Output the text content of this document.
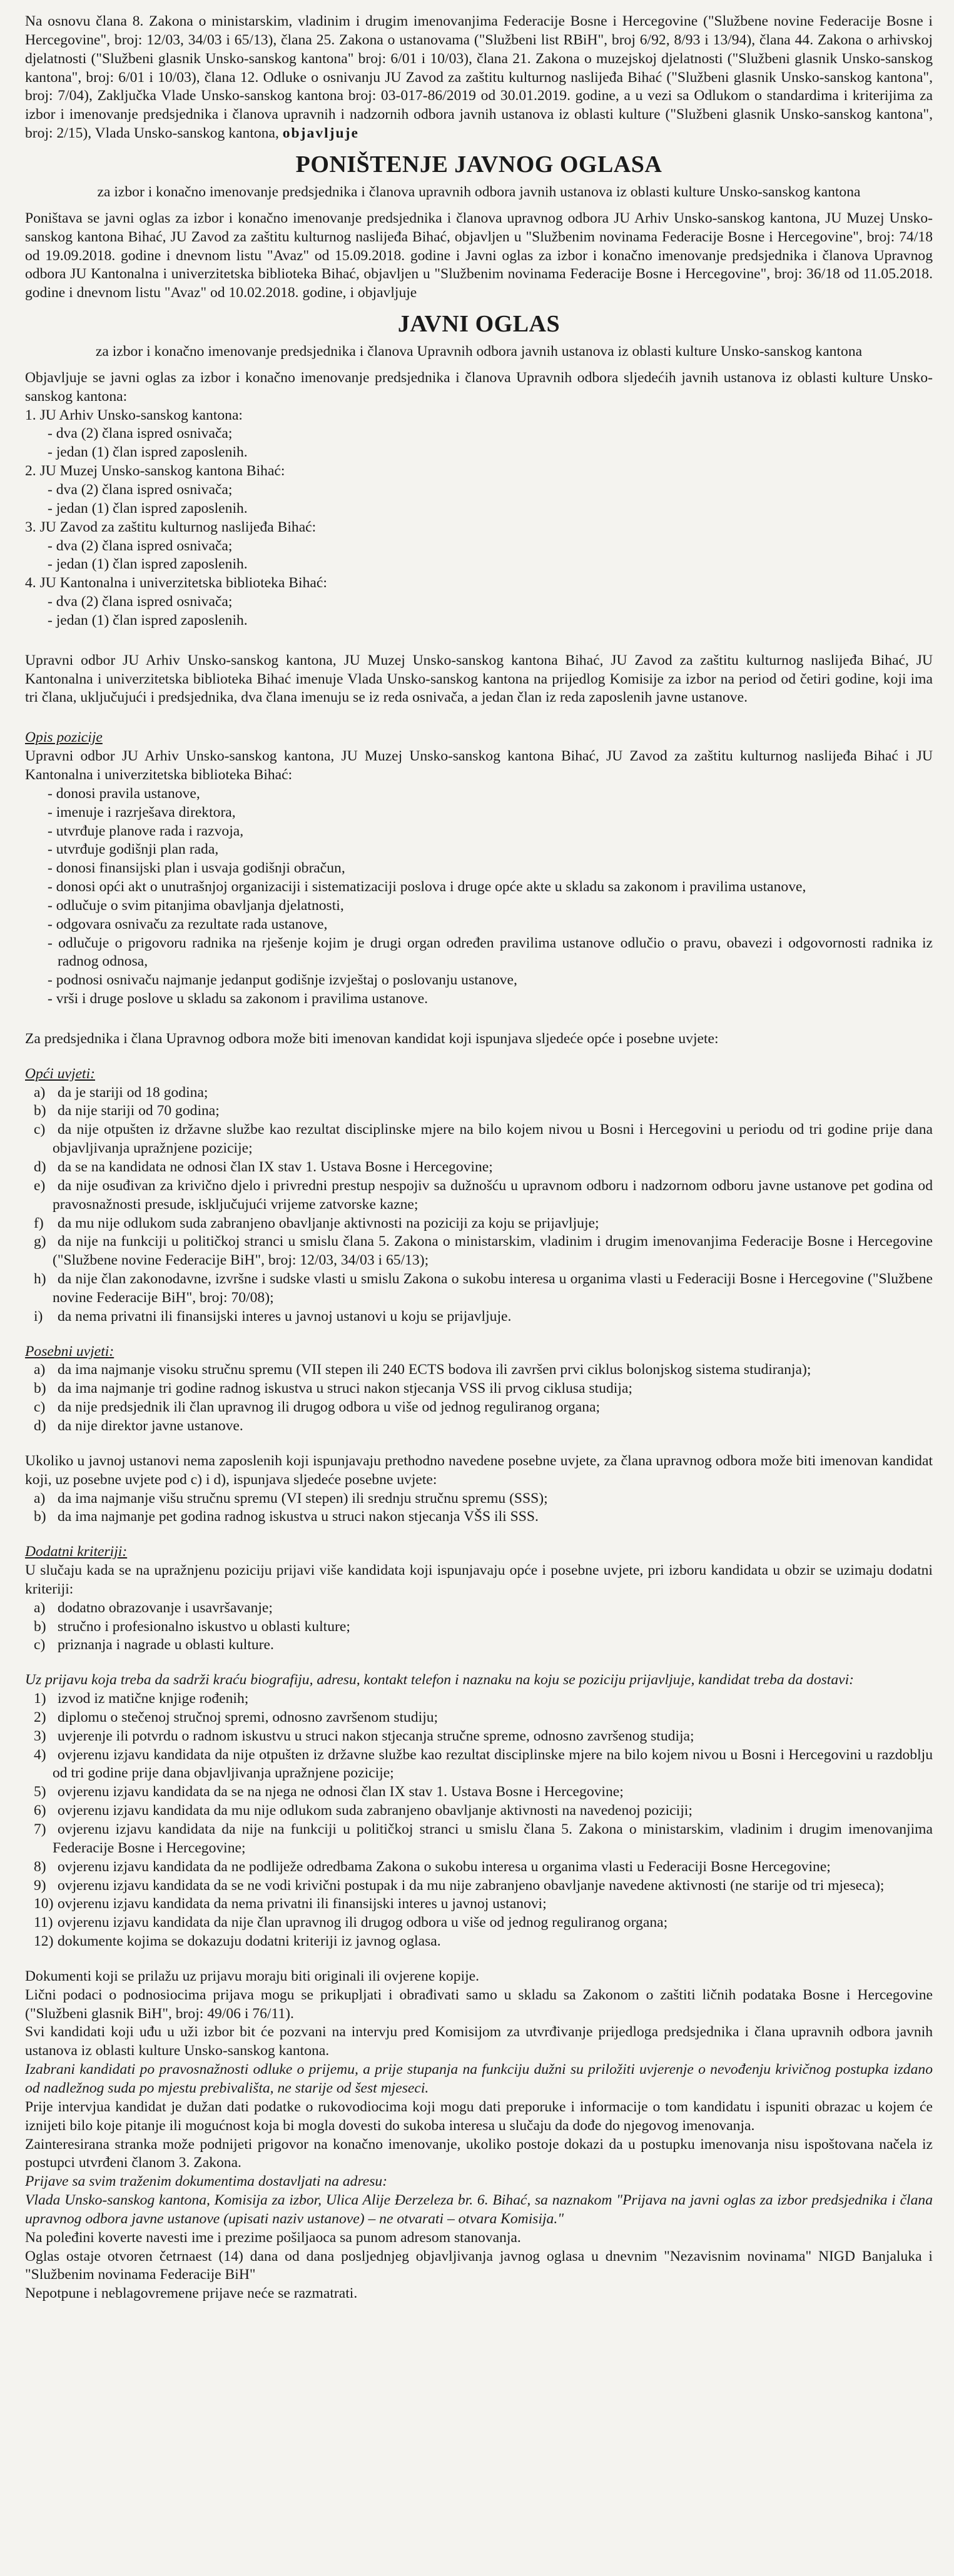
Na osnovu člana 8. Zakona o ministarskim, vladinim i drugim imenovanjima Federacije Bosne i Hercegovine ("Službene novine Federacije Bosne i Hercegovine", broj: 12/03, 34/03 i 65/13), člana 25. Zakona o ustanovama ("Službeni list RBiH", broj 6/92, 8/93 i 13/94), člana 44. Zakona o arhivskoj djelatnosti ("Službeni glasnik Unsko-sanskog kantona" broj: 6/01 i 10/03), člana 21. Zakona o muzejskoj djelatnosti ("Službeni glasnik Unsko-sanskog kantona", broj: 6/01 i 10/03), člana 12. Odluke o osnivanju JU Zavod za zaštitu kulturnog naslijeđa Bihać ("Službeni glasnik Unsko-sanskog kantona", broj: 7/04), Zaključka Vlade Unsko-sanskog kantona broj: 03-017-86/2019 od 30.01.2019. godine, a u vezi sa Odlukom o standardima i kriterijima za izbor i imenovanje predsjednika i članova upravnih i nadzornih odbora javnih ustanova iz oblasti kulture ("Službeni glasnik Unsko-sanskog kantona", broj: 2/15), Vlada Unsko-sanskog kantona, objavljuje

PONIŠTENJE JAVNOG OGLASA
za izbor i konačno imenovanje predsjednika i članova upravnih odbora javnih ustanova iz oblasti kulture Unsko-sanskog kantona

Poništava se javni oglas za izbor i konačno imenovanje predsjednika i članova upravnog odbora JU Arhiv Unsko-sanskog kantona, JU Muzej Unsko-sanskog kantona Bihać, JU Zavod za zaštitu kulturnog naslijeđa Bihać, objavljen u "Službenim novinama Federacije Bosne i Hercegovine", broj: 74/18 od 19.09.2018. godine i dnevnom listu "Avaz" od 15.09.2018. godine i Javni oglas za izbor i konačno imenovanje predsjednika i članova Upravnog odbora JU Kantonalna i univerzitetska biblioteka Bihać, objavljen u "Službenim novinama Federacije Bosne i Hercegovine", broj: 36/18 od 11.05.2018. godine i dnevnom listu "Avaz" od 10.02.2018. godine, i objavljuje

JAVNI OGLAS
za izbor i konačno imenovanje predsjednika i članova Upravnih odbora javnih ustanova iz oblasti kulture Unsko-sanskog kantona

Objavljuje se javni oglas za izbor i konačno imenovanje predsjednika i članova Upravnih odbora sljedećih javnih ustanova iz oblasti kulture Unsko-sanskog kantona:

1. JU Arhiv Unsko-sanskog kantona:

- dva (2) člana ispred osnivača;

- jedan (1) član ispred zaposlenih.

2. JU Muzej Unsko-sanskog kantona Bihać:

- dva (2) člana ispred osnivača;

- jedan (1) član ispred zaposlenih.

3. JU Zavod za zaštitu kulturnog naslijeđa Bihać:

- dva (2) člana ispred osnivača;

- jedan (1) član ispred zaposlenih.

4. JU Kantonalna i univerzitetska biblioteka Bihać:

- dva (2) člana ispred osnivača;

- jedan (1) član ispred zaposlenih.

Upravni odbor JU Arhiv Unsko-sanskog kantona, JU Muzej Unsko-sanskog kantona Bihać, JU Zavod za zaštitu kulturnog naslijeđa Bihać, JU Kantonalna i univerzitetska biblioteka Bihać imenuje Vlada Unsko-sanskog kantona na prijedlog Komisije za izbor na period od četiri godine, koji ima tri člana, uključujući i predsjednika, dva člana imenuju se iz reda osnivača, a jedan član iz reda zaposlenih javne ustanove.

Opis pozicije

Upravni odbor JU Arhiv Unsko-sanskog kantona, JU Muzej Unsko-sanskog kantona Bihać, JU Zavod za zaštitu kulturnog naslijeđa Bihać i JU Kantonalna i univerzitetska biblioteka Bihać:

- donosi pravila ustanove,

- imenuje i razrješava direktora,

- utvrđuje planove rada i razvoja,

- utvrđuje godišnji plan rada,

- donosi finansijski plan i usvaja godišnji obračun,

- donosi opći akt o unutrašnjoj organizaciji i sistematizaciji poslova i druge opće akte u skladu sa zakonom i pravilima ustanove,

- odlučuje o svim pitanjima obavljanja djelatnosti,

- odgovara osnivaču za rezultate rada ustanove,

- odlučuje o prigovoru radnika na rješenje kojim je drugi organ određen pravilima ustanove odlučio o pravu, obavezi i odgovornosti radnika iz radnog odnosa,

- podnosi osnivaču najmanje jedanput godišnje izvještaj o poslovanju ustanove,

- vrši i druge poslove u skladu sa zakonom i pravilima ustanove.

Za predsjednika i člana Upravnog odbora može biti imenovan kandidat koji ispunjava sljedeće opće i posebne uvjete:

Opći uvjeti:

a) da je stariji od 18 godina;

b) da nije stariji od 70 godina;

c) da nije otpušten iz državne službe kao rezultat disciplinske mjere na bilo kojem nivou u Bosni i Hercegovini u periodu od tri godine prije dana objavljivanja upražnjene pozicije;

d) da se na kandidata ne odnosi član IX stav 1. Ustava Bosne i Hercegovine;

e) da nije osuđivan za krivično djelo i privredni prestup nespojiv sa dužnošću u upravnom odboru i nadzornom odboru javne ustanove pet godina od pravosnažnosti presude, isključujući vrijeme zatvorske kazne;

f) da mu nije odlukom suda zabranjeno obavljanje aktivnosti na poziciji za koju se prijavljuje;

g) da nije na funkciji u političkoj stranci u smislu člana 5. Zakona o ministarskim, vladinim i drugim imenovanjima Federacije Bosne i Hercegovine ("Službene novine Federacije BiH", broj: 12/03, 34/03 i 65/13);

h) da nije član zakonodavne, izvršne i sudske vlasti u smislu Zakona o sukobu interesa u organima vlasti u Federaciji Bosne i Hercegovine ("Službene novine Federacije BiH", broj: 70/08);

i) da nema privatni ili finansijski interes u javnoj ustanovi u koju se prijavljuje.

Posebni uvjeti:

a) da ima najmanje visoku stručnu spremu (VII stepen ili 240 ECTS bodova ili završen prvi ciklus bolonjskog sistema studiranja);

b) da ima najmanje tri godine radnog iskustva u struci nakon stjecanja VSS ili prvog ciklusa studija;

c) da nije predsjednik ili član upravnog ili drugog odbora u više od jednog reguliranog organa;

d) da nije direktor javne ustanove.

Ukoliko u javnoj ustanovi nema zaposlenih koji ispunjavaju prethodno navedene posebne uvjete, za člana upravnog odbora može biti imenovan kandidat koji, uz posebne uvjete pod c) i d), ispunjava sljedeće posebne uvjete:

a) da ima najmanje višu stručnu spremu (VI stepen) ili srednju stručnu spremu (SSS);

b) da ima najmanje pet godina radnog iskustva u struci nakon stjecanja VŠS ili SSS.

Dodatni kriteriji:

U slučaju kada se na upražnjenu poziciju prijavi više kandidata koji ispunjavaju opće i posebne uvjete, pri izboru kandidata u obzir se uzimaju dodatni kriteriji:

a) dodatno obrazovanje i usavršavanje;

b) stručno i profesionalno iskustvo u oblasti kulture;

c) priznanja i nagrade u oblasti kulture.

Uz prijavu koja treba da sadrži kraću biografiju, adresu, kontakt telefon i naznaku na koju se poziciju prijavljuje, kandidat treba da dostavi:

1) izvod iz matične knjige rođenih;

2) diplomu o stečenoj stručnoj spremi, odnosno završenom studiju;

3) uvjerenje ili potvrdu o radnom iskustvu u struci nakon stjecanja stručne spreme, odnosno završenog studija;

4) ovjerenu izjavu kandidata da nije otpušten iz državne službe kao rezultat disciplinske mjere na bilo kojem nivou u Bosni i Hercegovini u razdoblju od tri godine prije dana objavljivanja upražnjene pozicije;

5) ovjerenu izjavu kandidata da se na njega ne odnosi član IX stav 1. Ustava Bosne i Hercegovine;

6) ovjerenu izjavu kandidata da mu nije odlukom suda zabranjeno obavljanje aktivnosti na navedenoj poziciji;

7) ovjerenu izjavu kandidata da nije na funkciji u političkoj stranci u smislu člana 5. Zakona o ministarskim, vladinim i drugim imenovanjima Federacije Bosne i Hercegovine;

8) ovjerenu izjavu kandidata da ne podliježe odredbama Zakona o sukobu interesa u organima vlasti u Federaciji Bosne Hercegovine;

9) ovjerenu izjavu kandidata da se ne vodi krivični postupak i da mu nije zabranjeno obavljanje navedene aktivnosti (ne starije od tri mjeseca);

10) ovjerenu izjavu kandidata da nema privatni ili finansijski interes u javnoj ustanovi;

11) ovjerenu izjavu kandidata da nije član upravnog ili drugog odbora u više od jednog reguliranog organa;

12) dokumente kojima se dokazuju dodatni kriteriji iz javnog oglasa.

Dokumenti koji se prilažu uz prijavu moraju biti originali ili ovjerene kopije.

Lični podaci o podnosiocima prijava mogu se prikupljati i obrađivati samo u skladu sa Zakonom o zaštiti ličnih podataka Bosne i Hercegovine ("Službeni glasnik BiH", broj: 49/06 i 76/11).

Svi kandidati koji uđu u uži izbor bit će pozvani na intervju pred Komisijom za utvrđivanje prijedloga predsjednika i člana upravnih odbora javnih ustanova iz oblasti kulture Unsko-sanskog kantona.

Izabrani kandidati po pravosnažnosti odluke o prijemu, a prije stupanja na funkciju dužni su priložiti uvjerenje o nevođenju krivičnog postupka izdano od nadležnog suda po mjestu prebivališta, ne starije od šest mjeseci.

Prije intervjua kandidat je dužan dati podatke o rukovodiocima koji mogu dati preporuke i informacije o tom kandidatu i ispuniti obrazac u kojem će izniјeti bilo koje pitanje ili mogućnost koja bi mogla dovesti do sukoba interesa u slučaju da dođe do njegovog imenovanja.

Zainteresirana stranka može podnijeti prigovor na konačno imenovanje, ukoliko postoje dokazi da u postupku imenovanja nisu ispoštovana načela iz postupci utvrđeni članom 3. Zakona.

Prijave sa svim traženim dokumentima dostavljati na adresu:

Vlada Unsko-sanskog kantona, Komisija za izbor, Ulica Alije Đerzeleza br. 6. Bihać, sa naznakom "Prijava na javni oglas za izbor predsjednika i člana upravnog odbora javne ustanove (upisati naziv ustanove) – ne otvarati – otvara Komisija."

Na poleđini koverte navesti ime i prezime pošiljaoca sa punom adresom stanovanja.

Oglas ostaje otvoren četrnaest (14) dana od dana posljednjeg objavljivanja javnog oglasa u dnevnim "Nezavisnim novinama" NIGD Banjaluka i "Službenim novinama Federacije BiH"

Nepotpune i neblagovremene prijave neće se razmatrati.
